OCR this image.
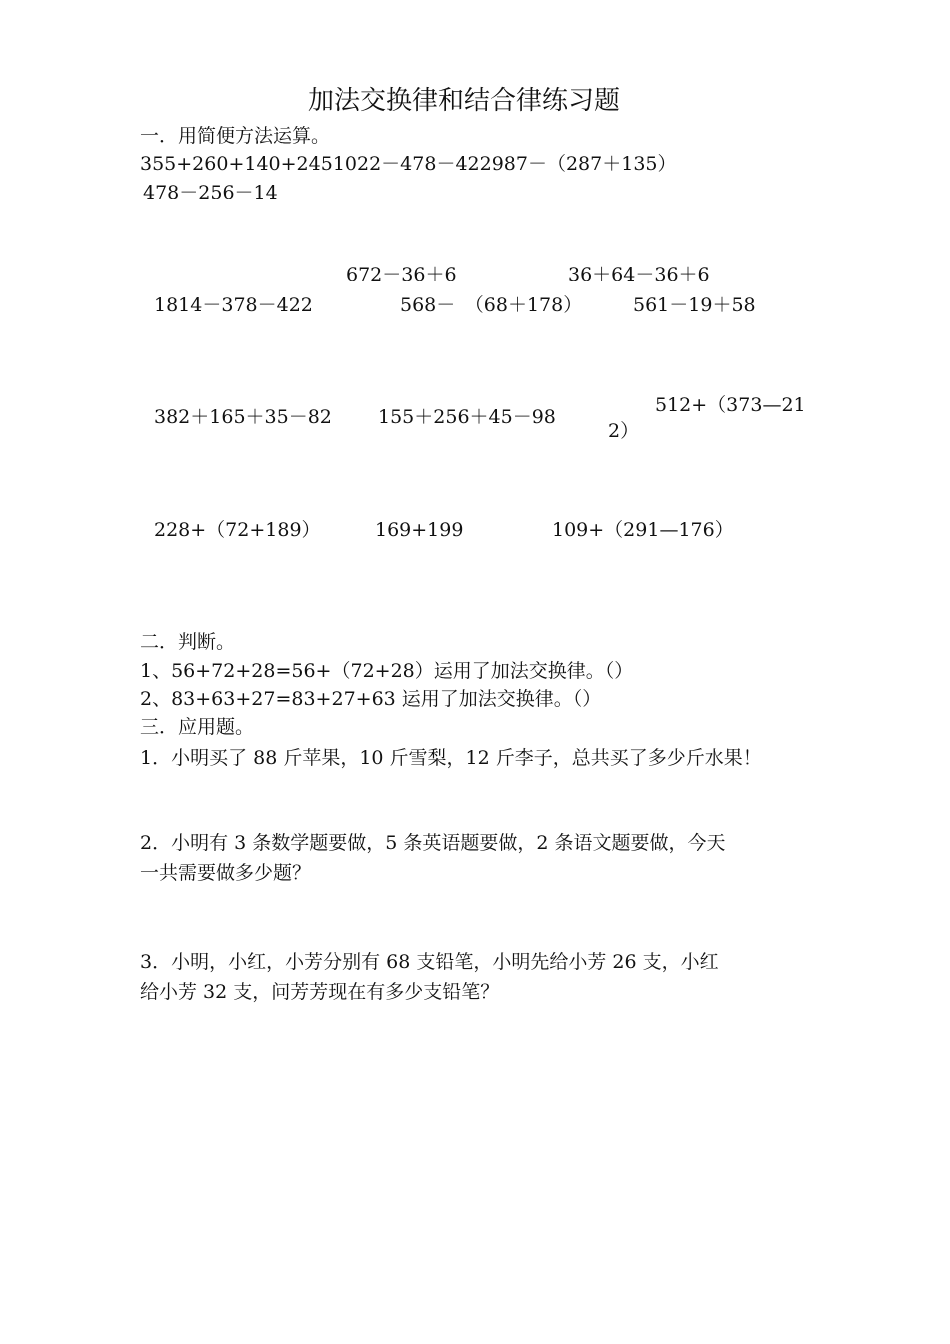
加法交换律和结合律练习题
一．用简便方法运算。
355+260+140+2451022－478－422987－（287＋135）
478－256－14
672－36＋6	36＋64－36＋6
1814－378－422	568－　（68＋178）	561－19＋58
382＋165＋35－82 155＋256＋45－98
512+（373—21
2）
228+（72+189）	169+199	109+（291—176）
二．判断。
1、56+72+28=56+（72+28）运用了加法交换律。（）
2、83+63+27=83+27+63 运用了加法交换律。（）
三．应用题。
1．小明买了 88 斤苹果，10 斤雪梨，12 斤李子，总共买了多少斤水果！
2．小明有 3 条数学题要做，5 条英语题要做，2 条语文题要做，今天
一共需要做多少题？
3．小明，小红，小芳分别有 68 支铅笔，小明先给小芳 26 支，小红
给小芳 32 支，问芳芳现在有多少支铅笔？
